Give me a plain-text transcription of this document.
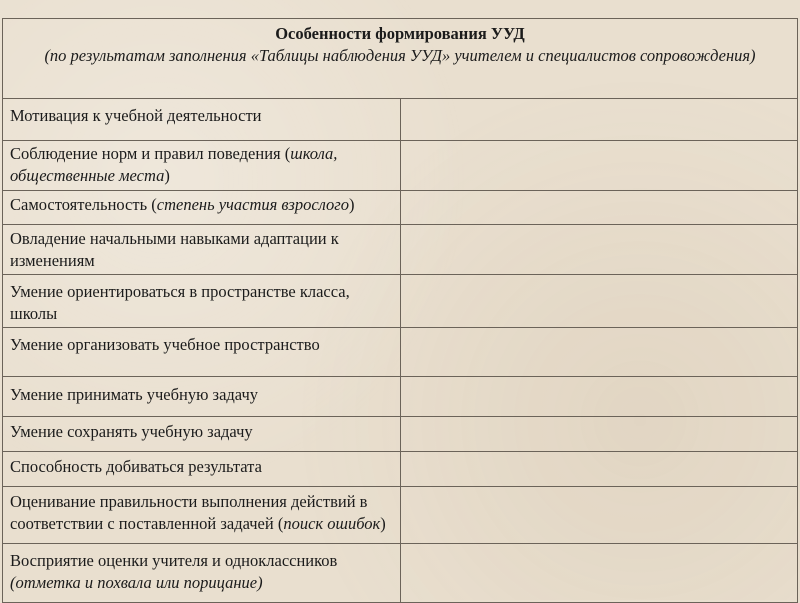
Особенности формирования УУД
(по результатам заполнения «Таблицы наблюдения УУД» учителем и специалистов сопровождения)	

Мотивация к учебной деятельности	
Соблюдение норм и правил поведения (школа, общественные места)	
Самостоятельность (степень участия взрослого)	
Овладение начальными навыками адаптации к изменениям	
Умение ориентироваться в пространстве класса, школы	
Умение организовать учебное пространство	
Умение принимать учебную задачу	
Умение сохранять учебную задачу	
Способность добиваться результата	
Оценивание правильности выполнения действий в соответствии с поставленной задачей (поиск ошибок)	
Восприятие оценки учителя и одноклассников (отметка и похвала или порицание)	
